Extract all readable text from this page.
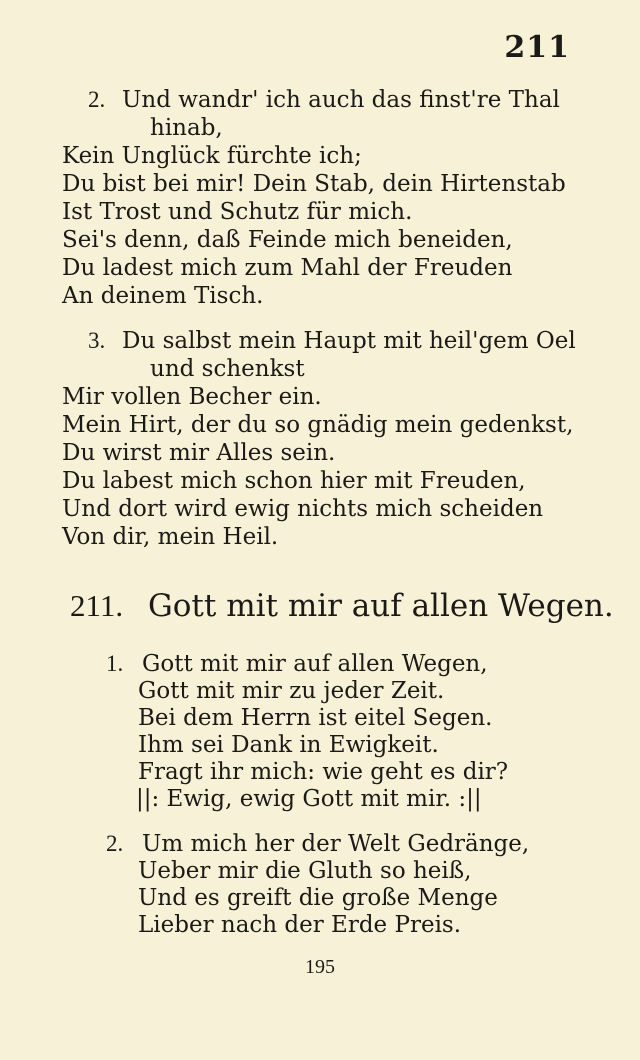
211
2. Und wandr' ich auch das finst're Thal
hinab,
Kein Unglück fürchte ich;
Du bist bei mir! Dein Stab, dein Hirtenstab
Ist Trost und Schutz für mich.
Sei's denn, daß Feinde mich beneiden,
Du ladest mich zum Mahl der Freuden
An deinem Tisch.
3. Du salbst mein Haupt mit heil'gem Oel
und schenkst
Mir vollen Becher ein.
Mein Hirt, der du so gnädig mein gedenkst,
Du wirst mir Alles sein.
Du labest mich schon hier mit Freuden,
Und dort wird ewig nichts mich scheiden
Von dir, mein Heil.
211. Gott mit mir auf allen Wegen.
1. Gott mit mir auf allen Wegen,
Gott mit mir zu jeder Zeit.
Bei dem Herrn ist eitel Segen.
Ihm sei Dank in Ewigkeit.
Fragt ihr mich: wie geht es dir?
||: Ewig, ewig Gott mit mir. :||
2. Um mich her der Welt Gedränge,
Ueber mir die Gluth so heiß,
Und es greift die große Menge
Lieber nach der Erde Preis.
195
